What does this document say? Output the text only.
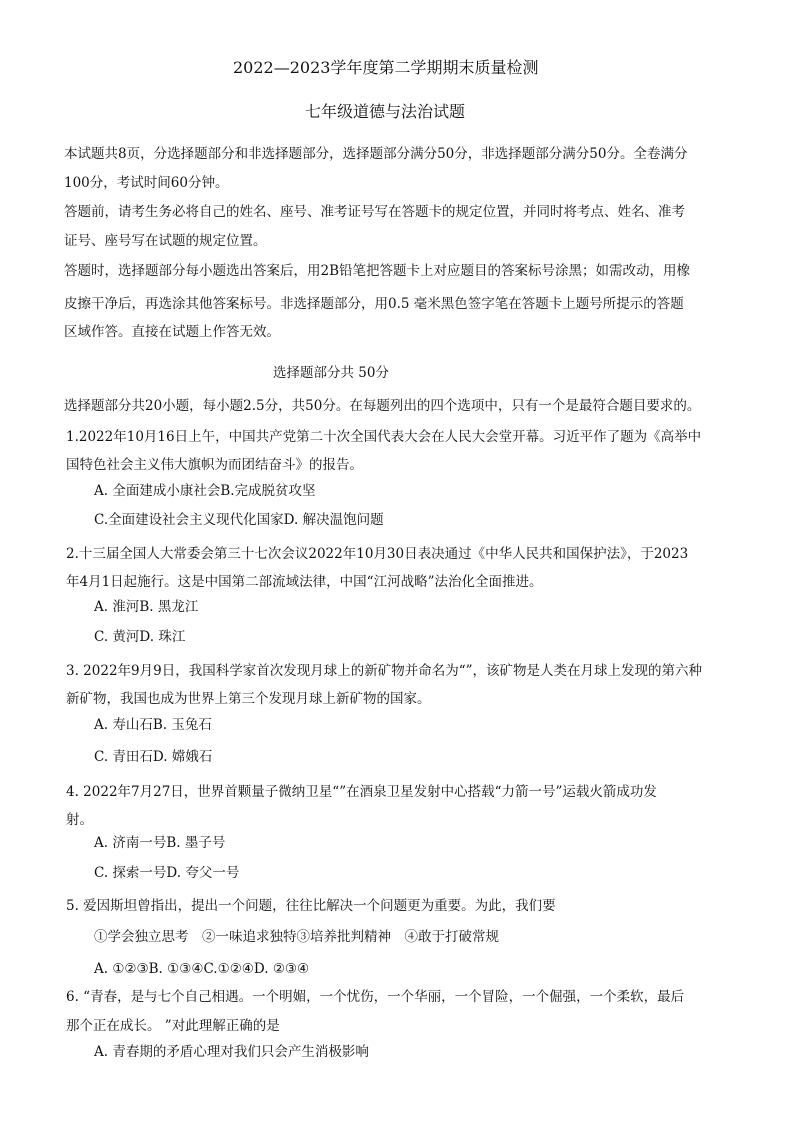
2022—2023学年度第二学期期末质量检测
七年级道德与法治试题
本试题共8页，分选择题部分和非选择题部分，选择题部分满分50分，非选择题部分满分50分。全卷满分
100分，考试时间60分钟。
答题前，请考生务必将自己的姓名、座号、准考证号写在答题卡的规定位置，并同时将考点、姓名、准考
证号、座号写在试题的规定位置。
答题时，选择题部分每小题选出答案后，用2B铅笔把答题卡上对应题目的答案标号涂黑；如需改动，用橡
皮擦干净后，再选涂其他答案标号。非选择题部分，用0.5 毫米黑色签字笔在答题卡上题号所提示的答题
区域作答。直接在试题上作答无效。
选择题部分共 50分
选择题部分共20小题，每小题2.5分，共50分。在每题列出的四个选项中，只有一个是最符合题目要求的。
1.2022年10月16日上午，中国共产党第二十次全国代表大会在人民大会堂开幕。习近平作了题为《高举中
国特色社会主义伟大旗帜为而团结奋斗》的报告。
A. 全面建成小康社会B.完成脱贫攻坚
C.全面建设社会主义现代化国家D. 解决温饱问题
2.十三届全国人大常委会第三十七次会议2022年10月30日表决通过《中华人民共和国保护法》，于2023
年4月1日起施行。这是中国第二部流域法律，中国“江河战略”法治化全面推进。
A. 淮河B. 黑龙江
C. 黄河D. 珠江
3. 2022年9月9日，我国科学家首次发现月球上的新矿物并命名为“”，该矿物是人类在月球上发现的第六种
新矿物，我国也成为世界上第三个发现月球上新矿物的国家。
A. 寿山石B. 玉兔石
C. 青田石D. 嫦娥石
4. 2022年7月27日，世界首颗量子微纳卫星“”在酒泉卫星发射中心搭载“力箭一号”运载火箭成功发
射。
A. 济南一号B. 墨子号
C. 探索一号D. 夸父一号
5. 爱因斯坦曾指出，提出一个问题，往往比解决一个问题更为重要。为此，我们要
①学会独立思考　②一味追求独特③培养批判精神　④敢于打破常规
A. ①②③B. ①③④C.①②④D. ②③④
6. “青春，是与七个自己相遇。一个明媚，一个忧伤，一个华丽，一个冒险，一个倔强，一个柔软，最后
那个正在成长。 ”对此理解正确的是
A. 青春期的矛盾心理对我们只会产生消极影响
